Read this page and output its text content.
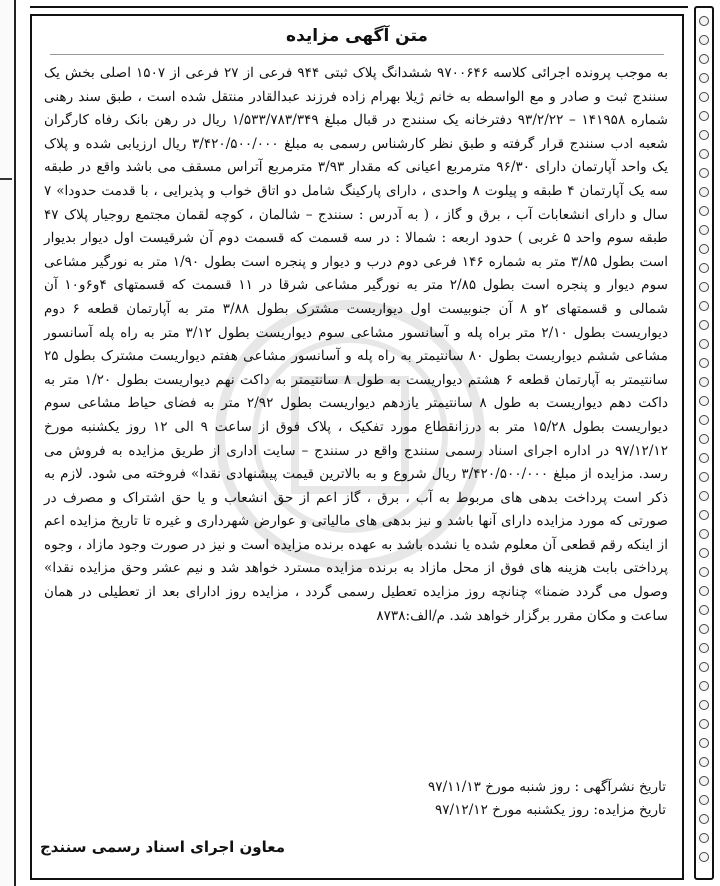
متن آگهی مزایده
به موجب پرونده اجرائی کلاسه ۹۷۰۰۶۴۶ ششدانگ پلاک ثبتی ۹۴۴ فرعی از ۲۷ فرعی از ۱۵۰۷ اصلی بخش یک سنندج ثبت و صادر و مع الواسطه به خانم ژیلا بهرام زاده فرزند عبدالقادر منتقل شده است ، طبق سند رهنی شماره ۱۴۱۹۵۸ – ۹۳/۲/۲۲ دفترخانه یک سنندج در قبال مبلغ ۱/۵۳۳/۷۸۳/۳۴۹ ریال در رهن بانک رفاه کارگران شعبه ادب سنندج قرار گرفته و طبق نظر کارشناس رسمی به مبلغ ۳/۴۲۰/۵۰۰/۰۰۰ ریال ارزیابی شده و پلاک یک واحد آپارتمان دارای ۹۶/۳۰ مترمربع اعیانی که مقدار ۳/۹۳ مترمربع آتراس مسقف می باشد واقع در طبقه سه یک آپارتمان ۴ طبقه و پیلوت ۸ واحدی ، دارای پارکینگ شامل دو اتاق خواب و پذیرایی ، با قدمت حدودا» ۷ سال و دارای انشعابات آب ، برق و گاز ، ( به آدرس : سنندج – شالمان ، کوچه لقمان مجتمع روجیار پلاک ۴۷ طبقه سوم واحد ۵ غربی ) حدود اربعه : شمالا : در سه قسمت که قسمت دوم آن شرقیست اول دیوار بدیوار است بطول ۳/۸۵ متر به شماره ۱۴۶ فرعی دوم درب و دیوار و پنجره است بطول ۱/۹۰ متر به نورگیر مشاعی سوم دیوار و پنجره است بطول ۲/۸۵ متر به نورگیر مشاعی شرقا در ۱۱ قسمت که قسمتهای ۴و۶و۱۰ آن شمالی و قسمتهای ۲و ۸ آن جنوبیست اول دیواریست مشترک بطول ۳/۸۸ متر به آپارتمان قطعه ۶ دوم دیواریست بطول ۲/۱۰ متر براه پله و آسانسور مشاعی سوم دیواریست بطول ۳/۱۲ متر به راه پله آسانسور مشاعی ششم دیواریست بطول ۸۰ سانتیمتر به راه پله و آسانسور مشاعی هفتم دیواریست مشترک بطول ۲۵ سانتیمتر به آپارتمان قطعه ۶ هشتم دیواریست به طول ۸ سانتیمتر به داکت نهم دیواریست بطول ۱/۲۰ متر به داکت دهم دیواریست به طول ۸ سانتیمتر یازدهم دیواریست بطول ۲/۹۲ متر به فضای حیاط مشاعی سوم دیواریست بطول ۱۵/۲۸ متر به درزانقطاع مورد تفکیک ، پلاک فوق از ساعت ۹ الی ۱۲ روز یکشنبه مورخ ۹۷/۱۲/۱۲ در اداره اجرای اسناد رسمی سنندج واقع در سنندج – سایت اداری از طریق مزایده به فروش می رسد. مزایده از مبلغ ۳/۴۲۰/۵۰۰/۰۰۰ ریال شروع و به بالاترین قیمت پیشنهادی نقدا» فروخته می شود. لازم به ذکر است پرداخت بدهی های مربوط به آب ، برق ، گاز اعم از حق انشعاب و یا حق اشتراک و مصرف در صورتی که مورد مزایده دارای آنها باشد و نیز بدهی های مالیاتی و عوارض شهرداری و غیره تا تاریخ مزایده اعم از اینکه رقم قطعی آن معلوم شده یا نشده باشد به عهده برنده مزایده است و نیز در صورت وجود مازاد ، وجوه پرداختی بابت هزینه های فوق از محل مازاد به برنده مزایده مسترد خواهد شد و نیم عشر وحق مزایده نقدا» وصول می گردد ضمنا» چنانچه روز مزایده تعطیل رسمی گردد ، مزایده روز ادارای بعد از تعطیلی در همان ساعت و مکان مقرر برگزار خواهد شد. م/الف:۸۷۳۸
تاریخ نشرآگهی : روز شنبه مورخ ۹۷/۱۱/۱۳
تاریخ مزایده: روز یکشنبه مورخ ۹۷/۱۲/۱۲
معاون اجرای اسناد رسمی سنندج
